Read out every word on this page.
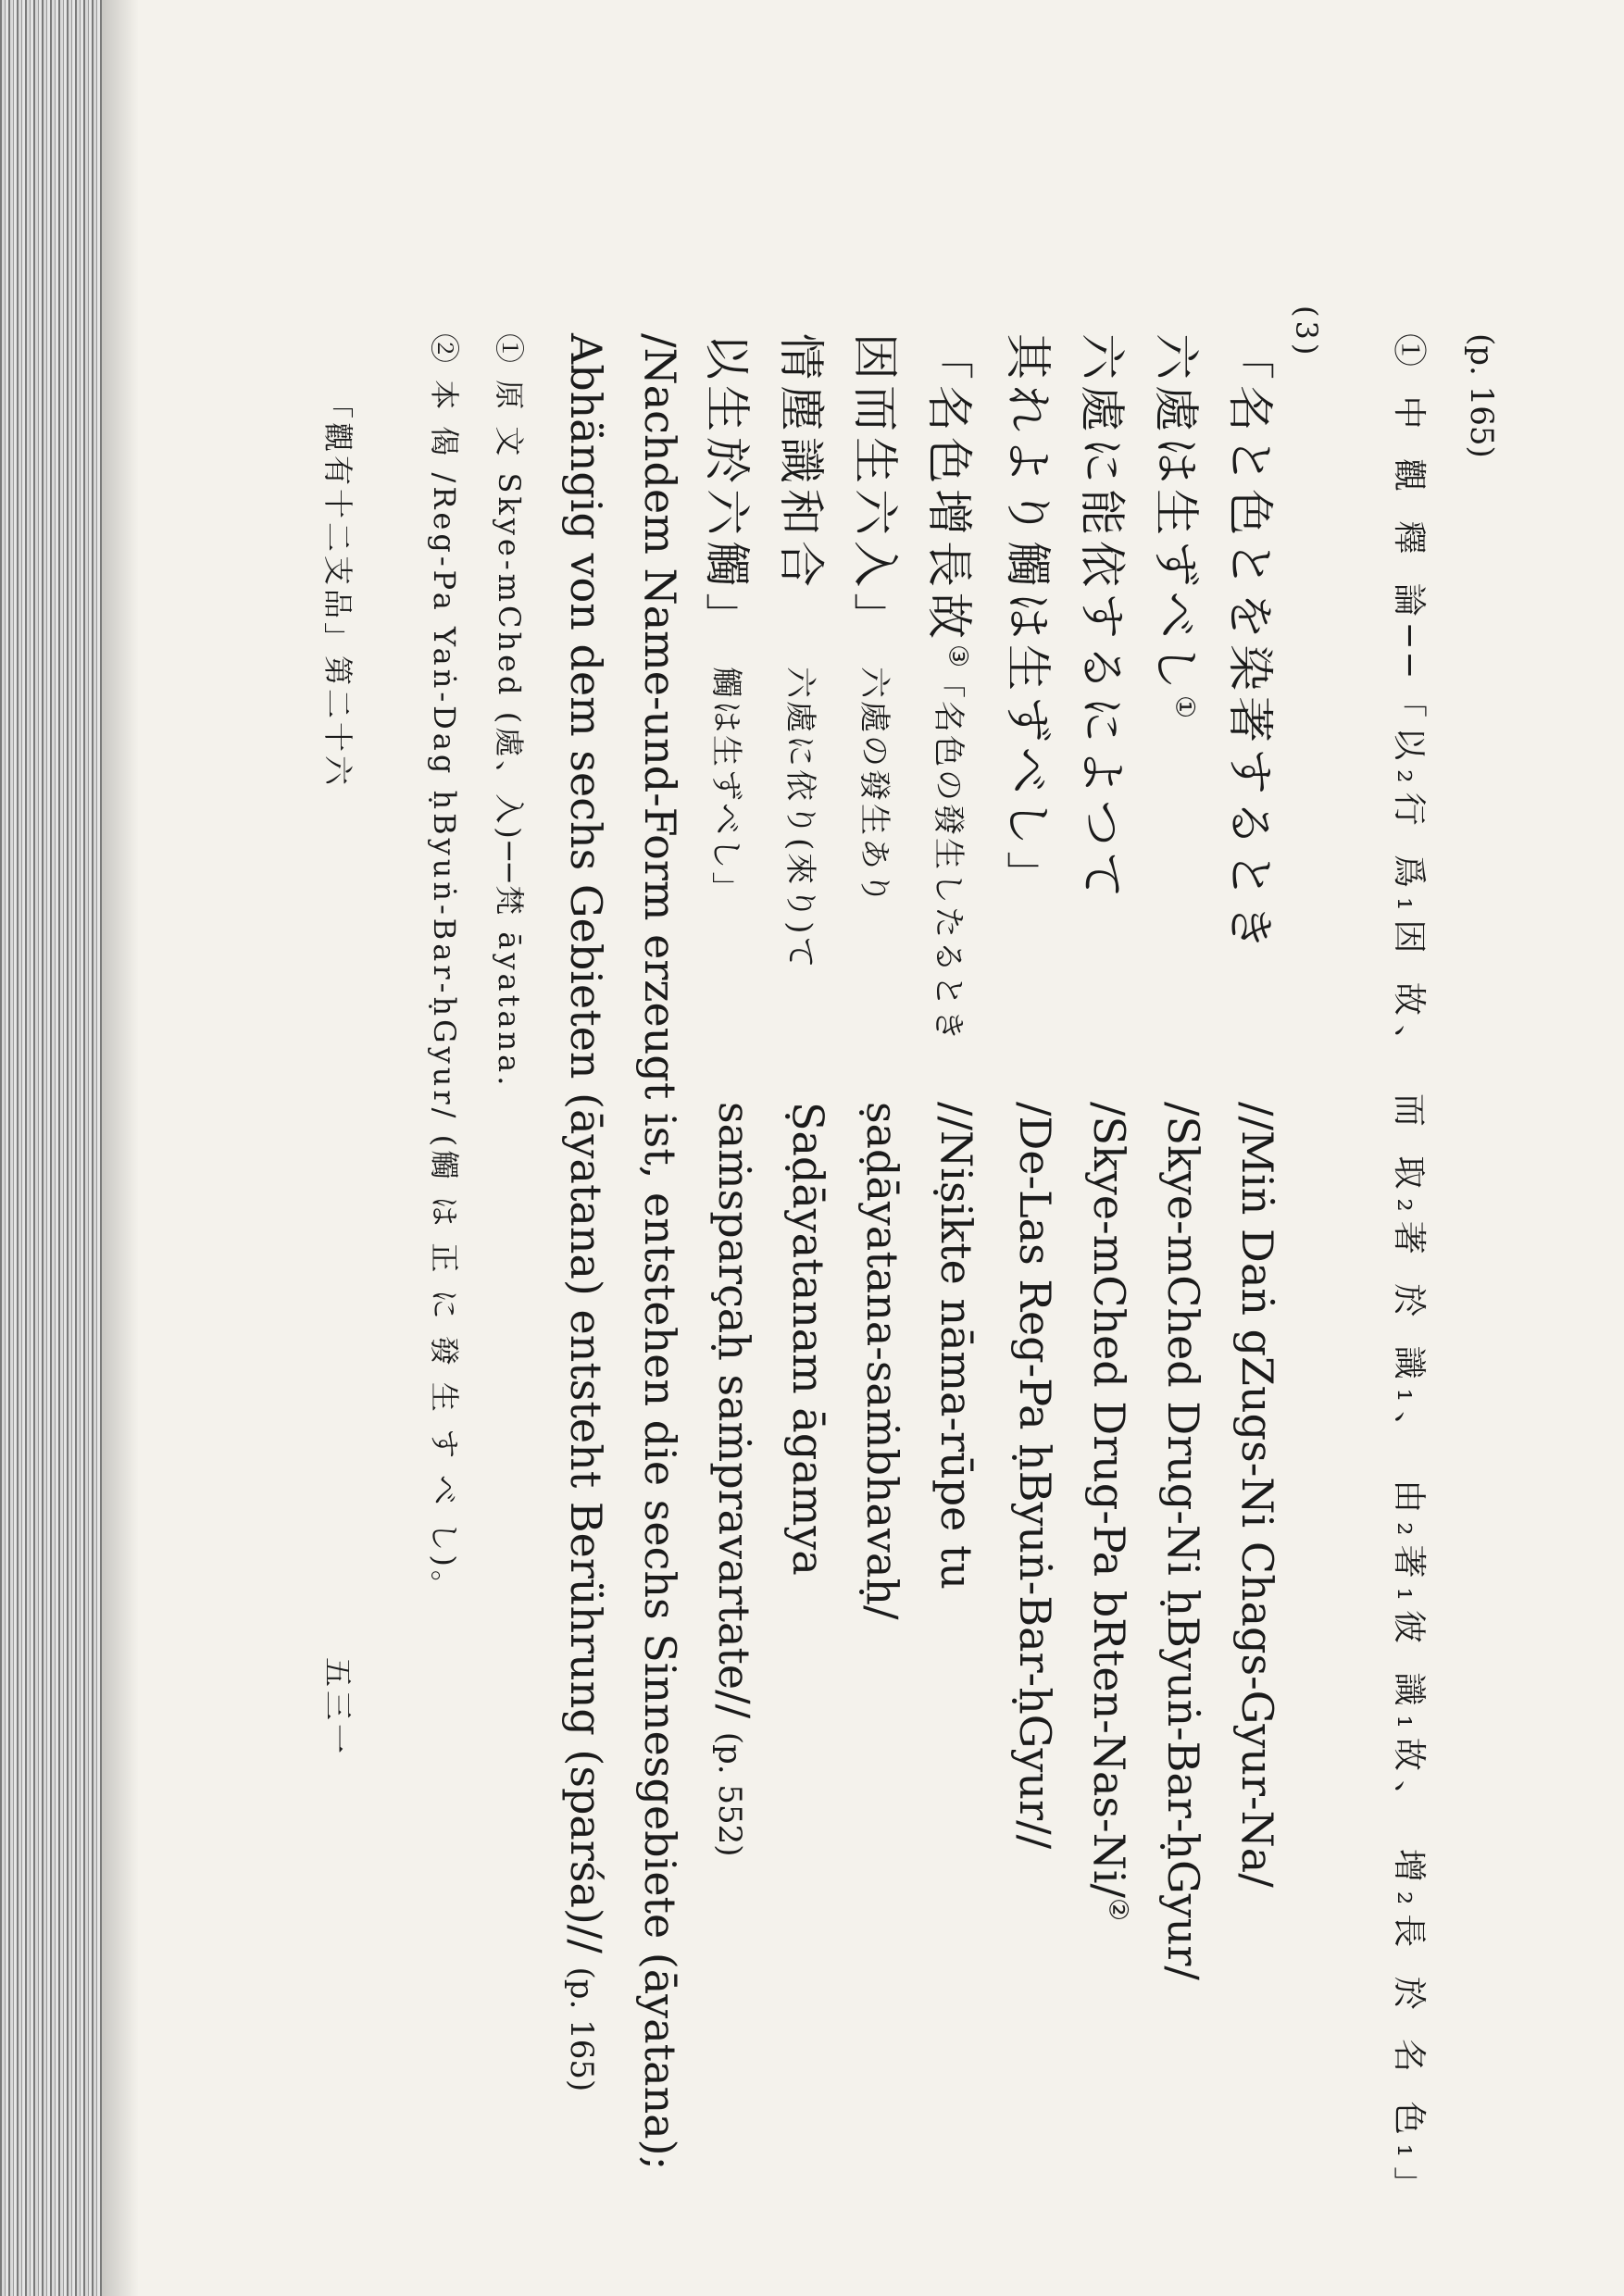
(p. 165)
① 中 觀 釋 論──「以₂行 爲₁因 故、　而 取₂著 於 識₁、　由₂著₁彼 識₁故、　增₂長 於 名 色₁」
(3)
「名と色とを染著するとき
六處は生ずべし①
六處に能依するによつて
其れより觸は生ずべし」
//Miṅ Daṅ gZugs-Ni Chags-Gyur-Na/
/Skye-mChed Drug-Ni ḥByuṅ-Bar-ḥGyur/
/Skye-mChed Drug-Pa bRten-Nas-Ni/②
/De-Las Reg-Pa ḥByuṅ-Bar-ḥGyur//
「名色增長故③
「名色の發生したるとき
//Niṣikte nāma-rūpe tu
因而生六入」
六處の發生あり
ṣaḍāyatana-saṁbhavaḥ/
情塵識和合
六處に依り(來り)て
Ṣaḍāyatanam āgamya
以生於六觸」
觸は生ずべし」
saṁsparçaḥ saṁpravartate// (p. 552)
/Nachdem Name-und-Form erzeugt ist, entstehen die sechs Sinnesgebiete (āyatana);
Abhängig von dem sechs Gebieten (āyatana) entsteht Berührung (sparśa)// (p. 165)
① 原 文 Skye-mChed (處、入)──梵 āyatana.
② 本 偈 /Reg-Pa Yaṅ-Dag ḥByuṅ-Bar-ḥGyur/ (觸 は 正 に 發 生 す べ し)。
「觀有十二支品」第二十六
五三一
